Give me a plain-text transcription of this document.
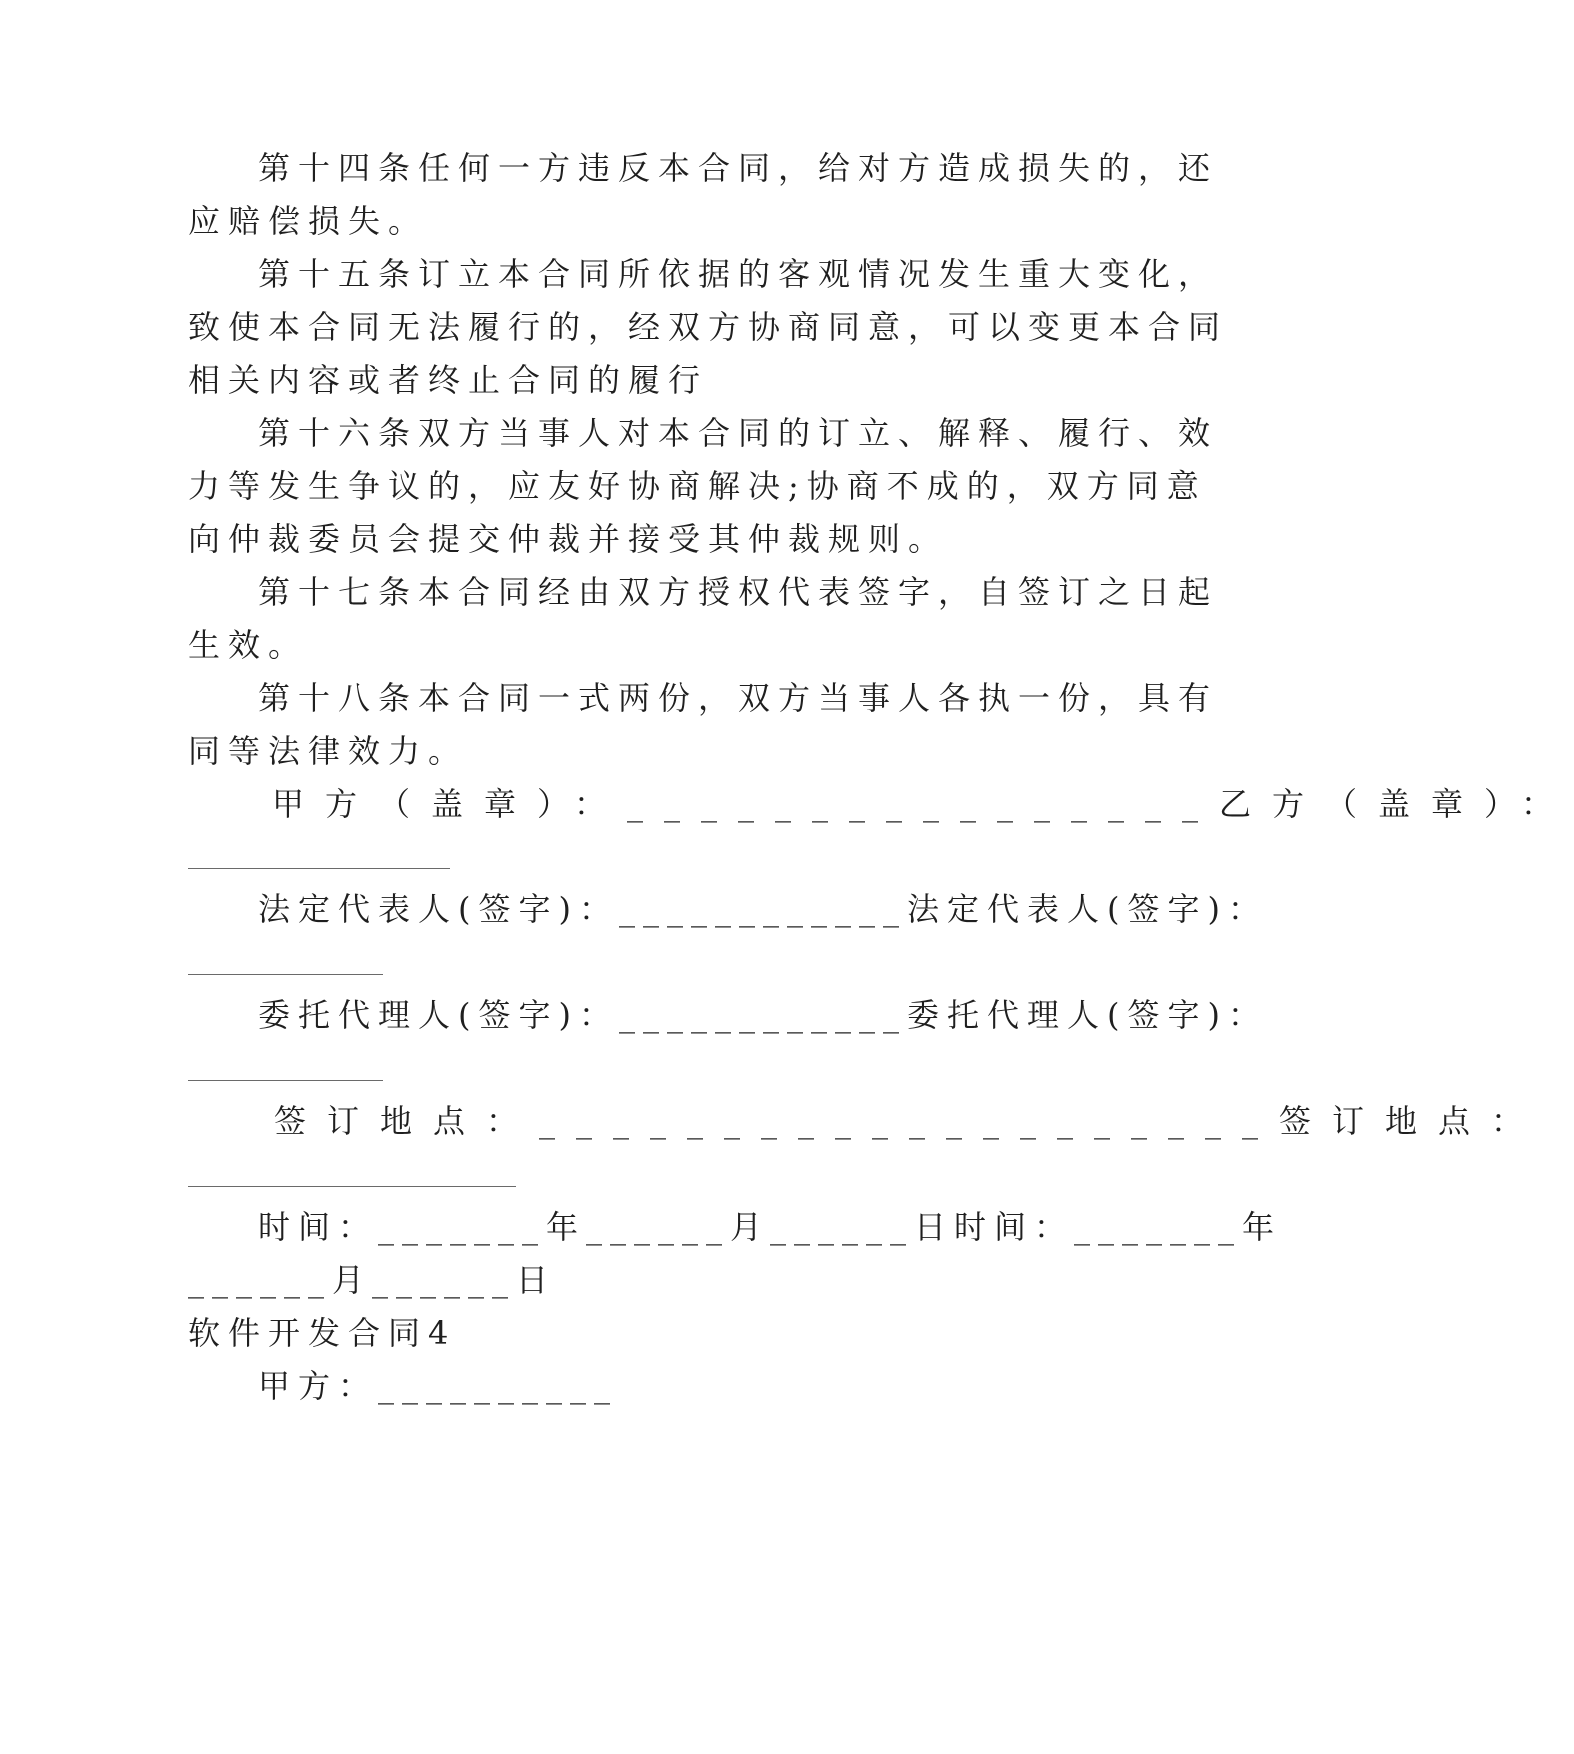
第十四条任何一方违反本合同，给对方造成损失的，还
应赔偿损失。
第十五条订立本合同所依据的客观情况发生重大变化，
致使本合同无法履行的，经双方协商同意，可以变更本合同
相关内容或者终止合同的履行
第十六条双方当事人对本合同的订立、解释、履行、效
力等发生争议的，应友好协商解决;协商不成的，双方同意
向仲裁委员会提交仲裁并接受其仲裁规则。
第十七条本合同经由双方授权代表签字，自签订之日起
生效。
第十八条本合同一式两份，双方当事人各执一份，具有
同等法律效力。
甲方（盖章）：________________乙方（盖章）：
法定代表人(签字)：____________法定代表人(签字)：
委托代理人(签字)：____________委托代理人(签字)：
签订地点：____________________签订地点：
时间：_______年______月______日时间：_______年
______月______日
软件开发合同4
甲方：__________
